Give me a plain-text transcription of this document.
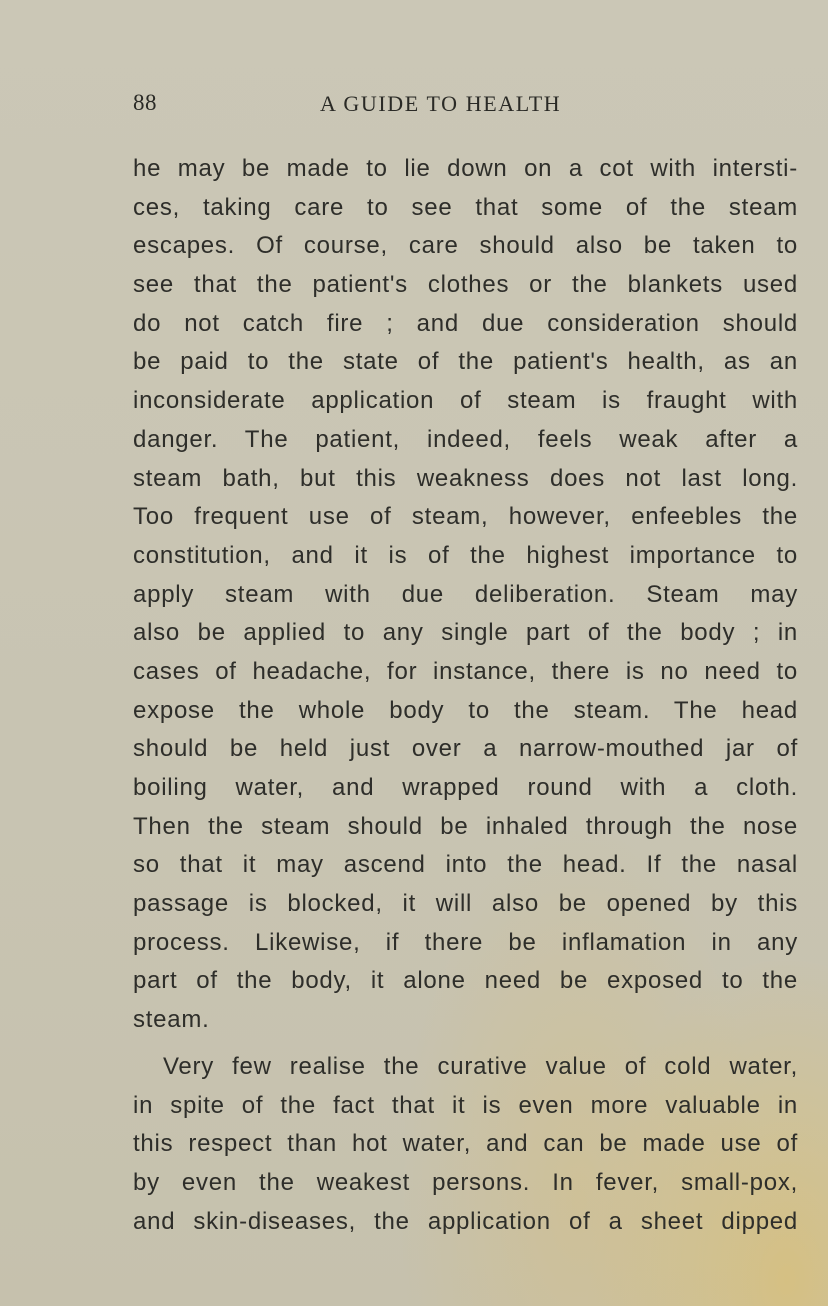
88	A GUIDE TO HEALTH
he may be made to lie down on a cot with intersti-
ces, taking care to see that some of the steam
escapes. Of course, care should also be taken to
see that the patient's clothes or the blankets used
do not catch fire ; and due consideration should
be paid to the state of the patient's health, as an
inconsiderate application of steam is fraught with
danger. The patient, indeed, feels weak after a
steam bath, but this weakness does not last long.
Too frequent use of steam, however, enfeebles the
constitution, and it is of the highest importance to
apply steam with due deliberation. Steam may
also be applied to any single part of the body ; in
cases of headache, for instance, there is no need to
expose the whole body to the steam. The head
should be held just over a narrow-mouthed jar of
boiling water, and wrapped round with a cloth.
Then the steam should be inhaled through the nose
so that it may ascend into the head. If the nasal
passage is blocked, it will also be opened by this
process. Likewise, if there be inflamation in any
part of the body, it alone need be exposed to the
steam.
Very few realise the curative value of cold water,
in spite of the fact that it is even more valuable in
this respect than hot water, and can be made use of
by even the weakest persons. In fever, small-pox,
and skin-diseases, the application of a sheet dipped
